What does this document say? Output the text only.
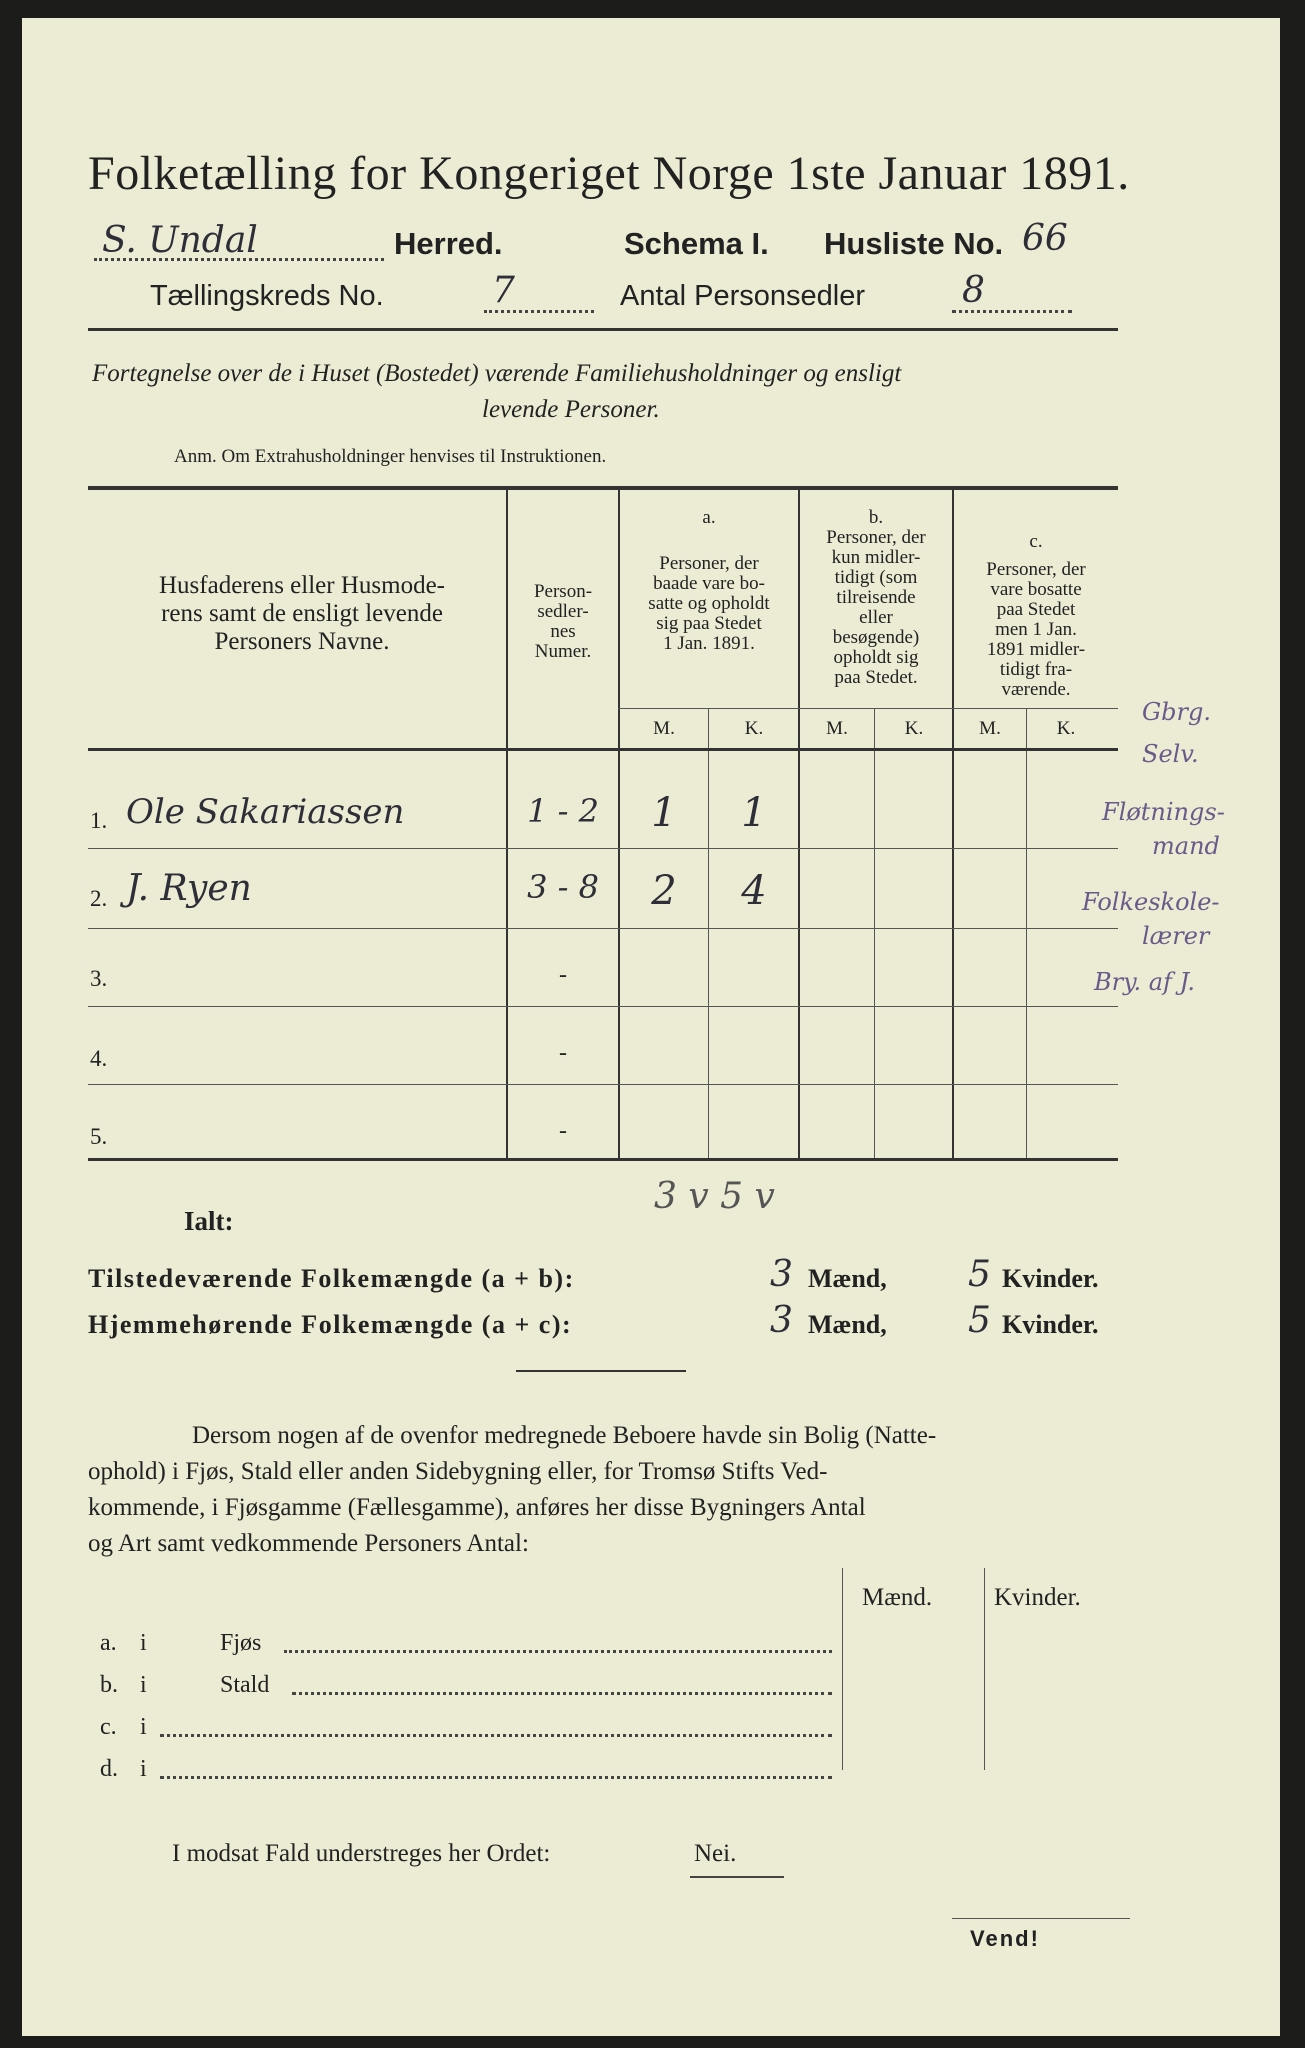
Folketælling for Kongeriget Norge 1ste Januar 1891.
S. Undal	Herred.	Schema I. Husliste No. 66
Tællingskreds No.	7	Antal Personsedler	8
Fortegnelse over de i Huset (Bostedet) værende Familiehusholdninger og ensligt
levende Personer.
Anm. Om Extrahusholdninger henvises til Instruktionen.
Husfaderens eller Husmode-
rens samt de ensligt levende
Personers Navne.
Person-
sedler-
nes
Numer.
a.
Personer, der
baade vare bo-
satte og opholdt
sig paa Stedet
1 Jan. 1891.
b.
Personer, der
kun midler-
tidigt (som
tilreisende
eller
besøgende)
opholdt sig
paa Stedet.
c.
Personer, der
vare bosatte
paa Stedet
men 1 Jan.
1891 midler-
tidigt fra-
værende.
M.	K.	M.	K.	M.	K.
1. Ole Sakariassen	1 - 2	1	1
2. J. Ryen	3 - 8	2	4
3.	-
4.	-
5.	-
Gbrg.
Selv.
Fløtnings-
mand
Folkeskole-
lærer
Bry. af J.
Ialt:
3 v 5 v
Tilstedeværende Folkemængde (a + b):	3 Mænd, 5 Kvinder.
Hjemmehørende Folkemængde (a + c):	3 Mænd, 5 Kvinder.
Dersom nogen af de ovenfor medregnede Beboere havde sin Bolig (Natte-
ophold) i Fjøs, Stald eller anden Sidebygning eller, for Tromsø Stifts Ved-
kommende, i Fjøsgamme (Fællesgamme), anføres her disse Bygningers Antal
og Art samt vedkommende Personers Antal:
Mænd. Kvinder.
a. i	Fjøs
b. i	Stald
c. i
d. i
I modsat Fald understreges her Ordet:	Nei.
Vend!
